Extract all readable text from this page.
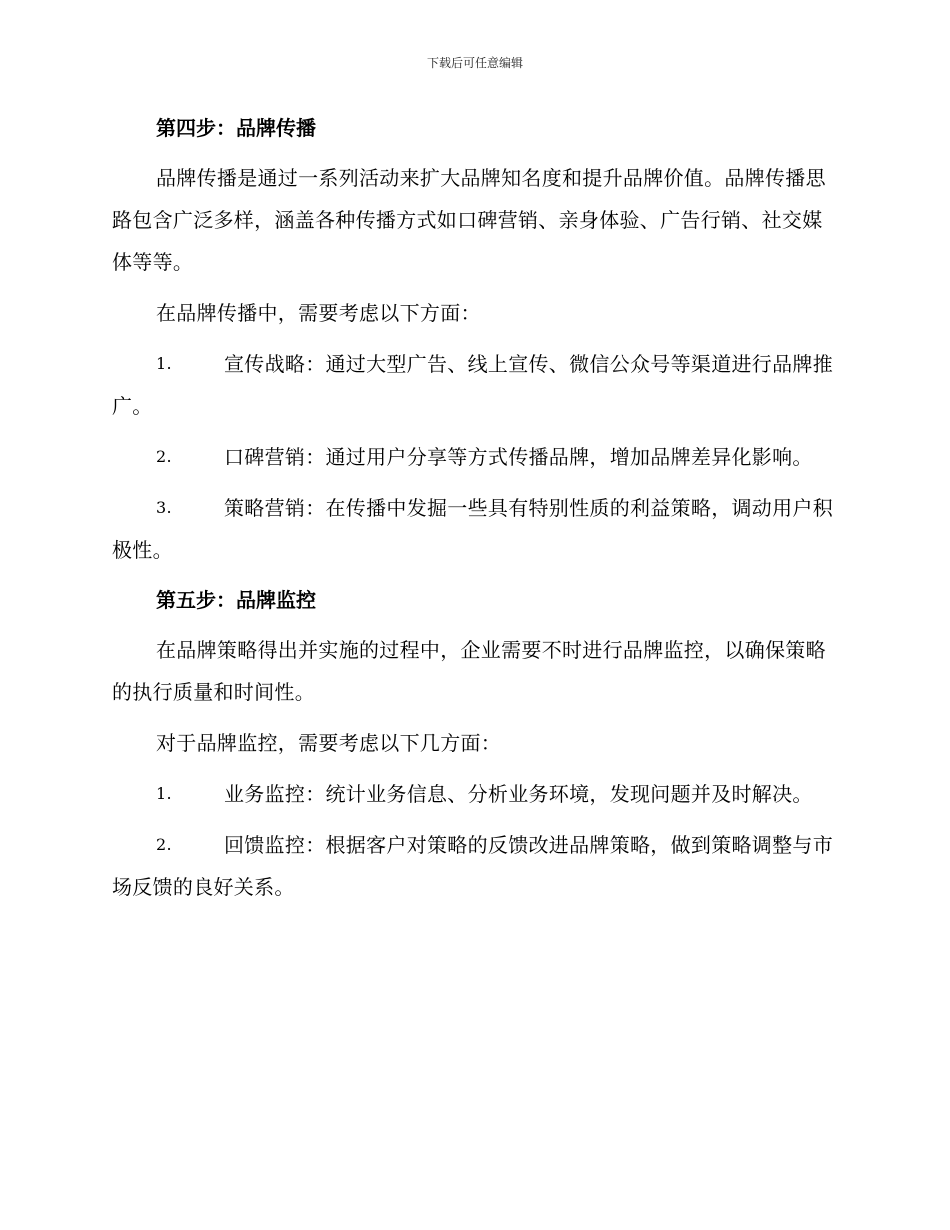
下载后可任意编辑
第四步：品牌传播

品牌传播是通过一系列活动来扩大品牌知名度和提升品牌价值。品牌传播思路包含广泛多样，涵盖各种传播方式如口碑营销、亲身体验、广告行销、社交媒体等等。

在品牌传播中，需要考虑以下方面：

1.	宣传战略：通过大型广告、线上宣传、微信公众号等渠道进行品牌推广。
2.	口碑营销：通过用户分享等方式传播品牌，增加品牌差异化影响。
3.	策略营销：在传播中发掘一些具有特别性质的利益策略，调动用户积极性。
第五步：品牌监控

在品牌策略得出并实施的过程中，企业需要不时进行品牌监控，以确保策略的执行质量和时间性。

对于品牌监控，需要考虑以下几方面：

1.	业务监控：统计业务信息、分析业务环境，发现问题并及时解决。
2.	回馈监控：根据客户对策略的反馈改进品牌策略，做到策略调整与市场反馈的良好关系。
